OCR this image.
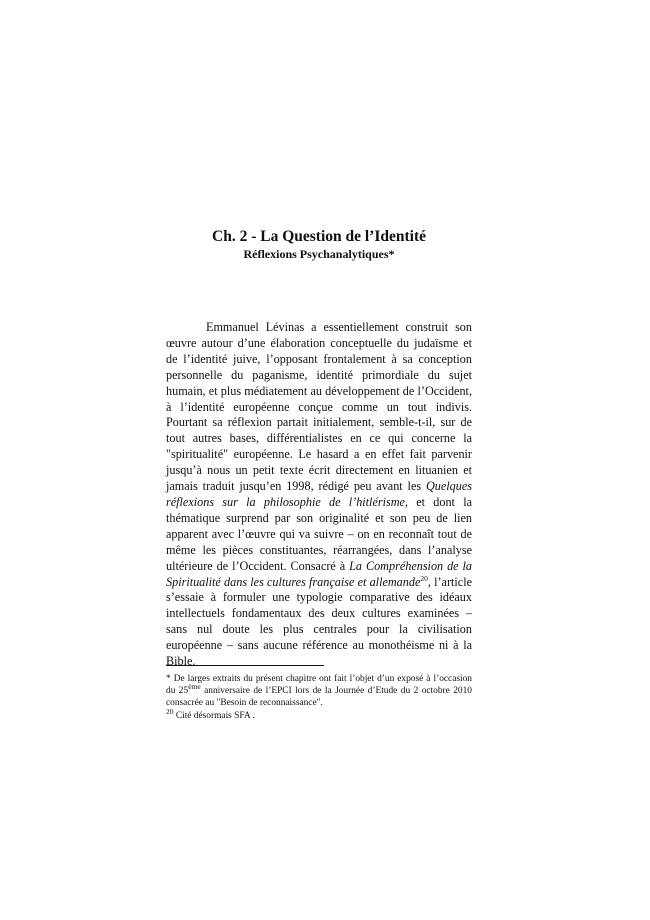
Ch. 2 - La Question de l’Identité
Réflexions Psychanalytiques*

Emmanuel Lévinas a essentiellement construit son œuvre autour d’une élaboration conceptuelle du judaïsme et de l’identité juive, l’opposant frontalement à sa conception personnelle du paganisme, identité primordiale du sujet humain, et plus médiatement au développement de l’Occident, à l’identité européenne conçue comme un tout indivis. Pourtant sa réflexion partait initialement, semble-t-il, sur de tout autres bases, différentialistes en ce qui concerne la "spiritualité" européenne. Le hasard a en effet fait parvenir jusqu’à nous un petit texte écrit directement en lituanien et jamais traduit jusqu’en 1998, rédigé peu avant les Quelques réflexions sur la philosophie de l’hitlérisme, et dont la thématique surprend par son originalité et son peu de lien apparent avec l’œuvre qui va suivre – on en reconnaît tout de même les pièces constituantes, réarrangées, dans l’analyse ultérieure de l’Occident. Consacré à La Compréhension de la Spiritualité dans les cultures française et allemande$^{20}$, l’article s’essaie à formuler une typologie comparative des idéaux intellectuels fondamentaux des deux cultures examinées – sans nul doute les plus centrales pour la civilisation européenne – sans aucune référence au monothéisme ni à la Bible.

* De larges extraits du présent chapitre ont fait l’objet d’un exposé à l’occasion du 25ème anniversaire de l’EPCI lors de la Journée d’Etude du 2 octobre 2010 consacrée au "Besoin de reconnaissance".

$^{20}$ Cité désormais SFA .
